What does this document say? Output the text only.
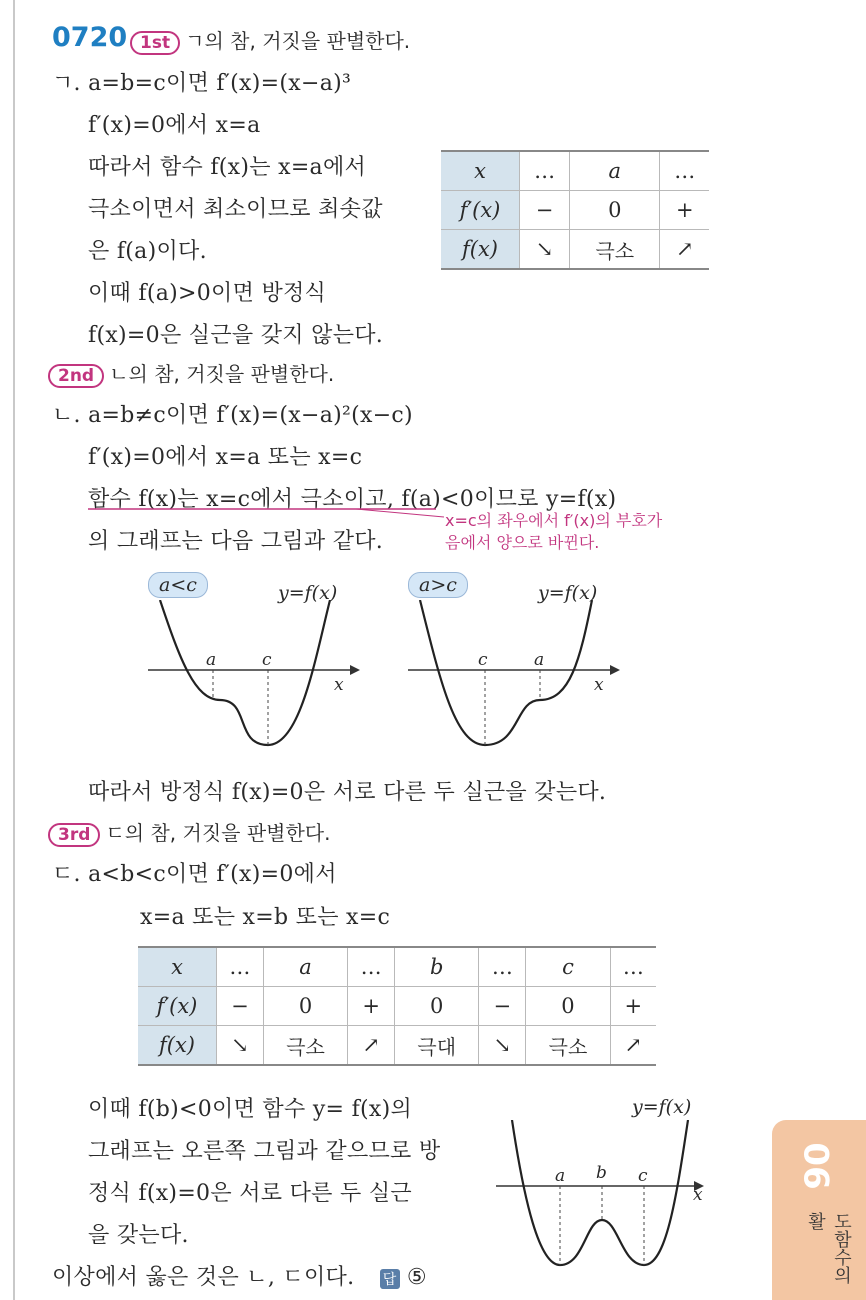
0720 1st ㄱ의 참, 거짓을 판별한다.
ㄱ. a=b=c이면 f′(x)=(x−a)³
f′(x)=0에서 x=a
따라서 함수 f(x)는 x=a에서
극소이면서 최소이므로 최솟값
은 f(a)이다.
이때 f(a)>0이면 방정식
f(x)=0은 실근을 갖지 않는다.
x	…	a	…
f′(x)	−	0	+
f(x)	↘	극소	↗
2nd ㄴ의 참, 거짓을 판별한다.
ㄴ. a=b≠c이면 f′(x)=(x−a)²(x−c)
f′(x)=0에서 x=a 또는 x=c
함수 f(x)는 x=c에서 극소이고, f(a)<0이므로 y=f(x)
x=c의 좌우에서 f′(x)의 부호가
음에서 양으로 바뀐다.
의 그래프는 다음 그림과 같다.
a<c	y=f(x)
a	c
x
a>c	y=f(x)
c	a
x
따라서 방정식 f(x)=0은 서로 다른 두 실근을 갖는다.
3rd ㄷ의 참, 거짓을 판별한다.
ㄷ. a<b<c이면 f′(x)=0에서
x=a 또는 x=b 또는 x=c
x	…	a	…	b	…	c	…
f′(x)	−	0	+	0	−	0	+
f(x)	↘	극소	↗	극대	↘	극소	↗
이때 f(b)<0이면 함수 y= f(x)의
그래프는 오른쪽 그림과 같으므로 방
정식 f(x)=0은 서로 다른 두 실근
을 갖는다.
이상에서 옳은 것은 ㄴ, ㄷ이다. 답 ⑤
y=f(x)
a b c
x
06
도함수의 활
